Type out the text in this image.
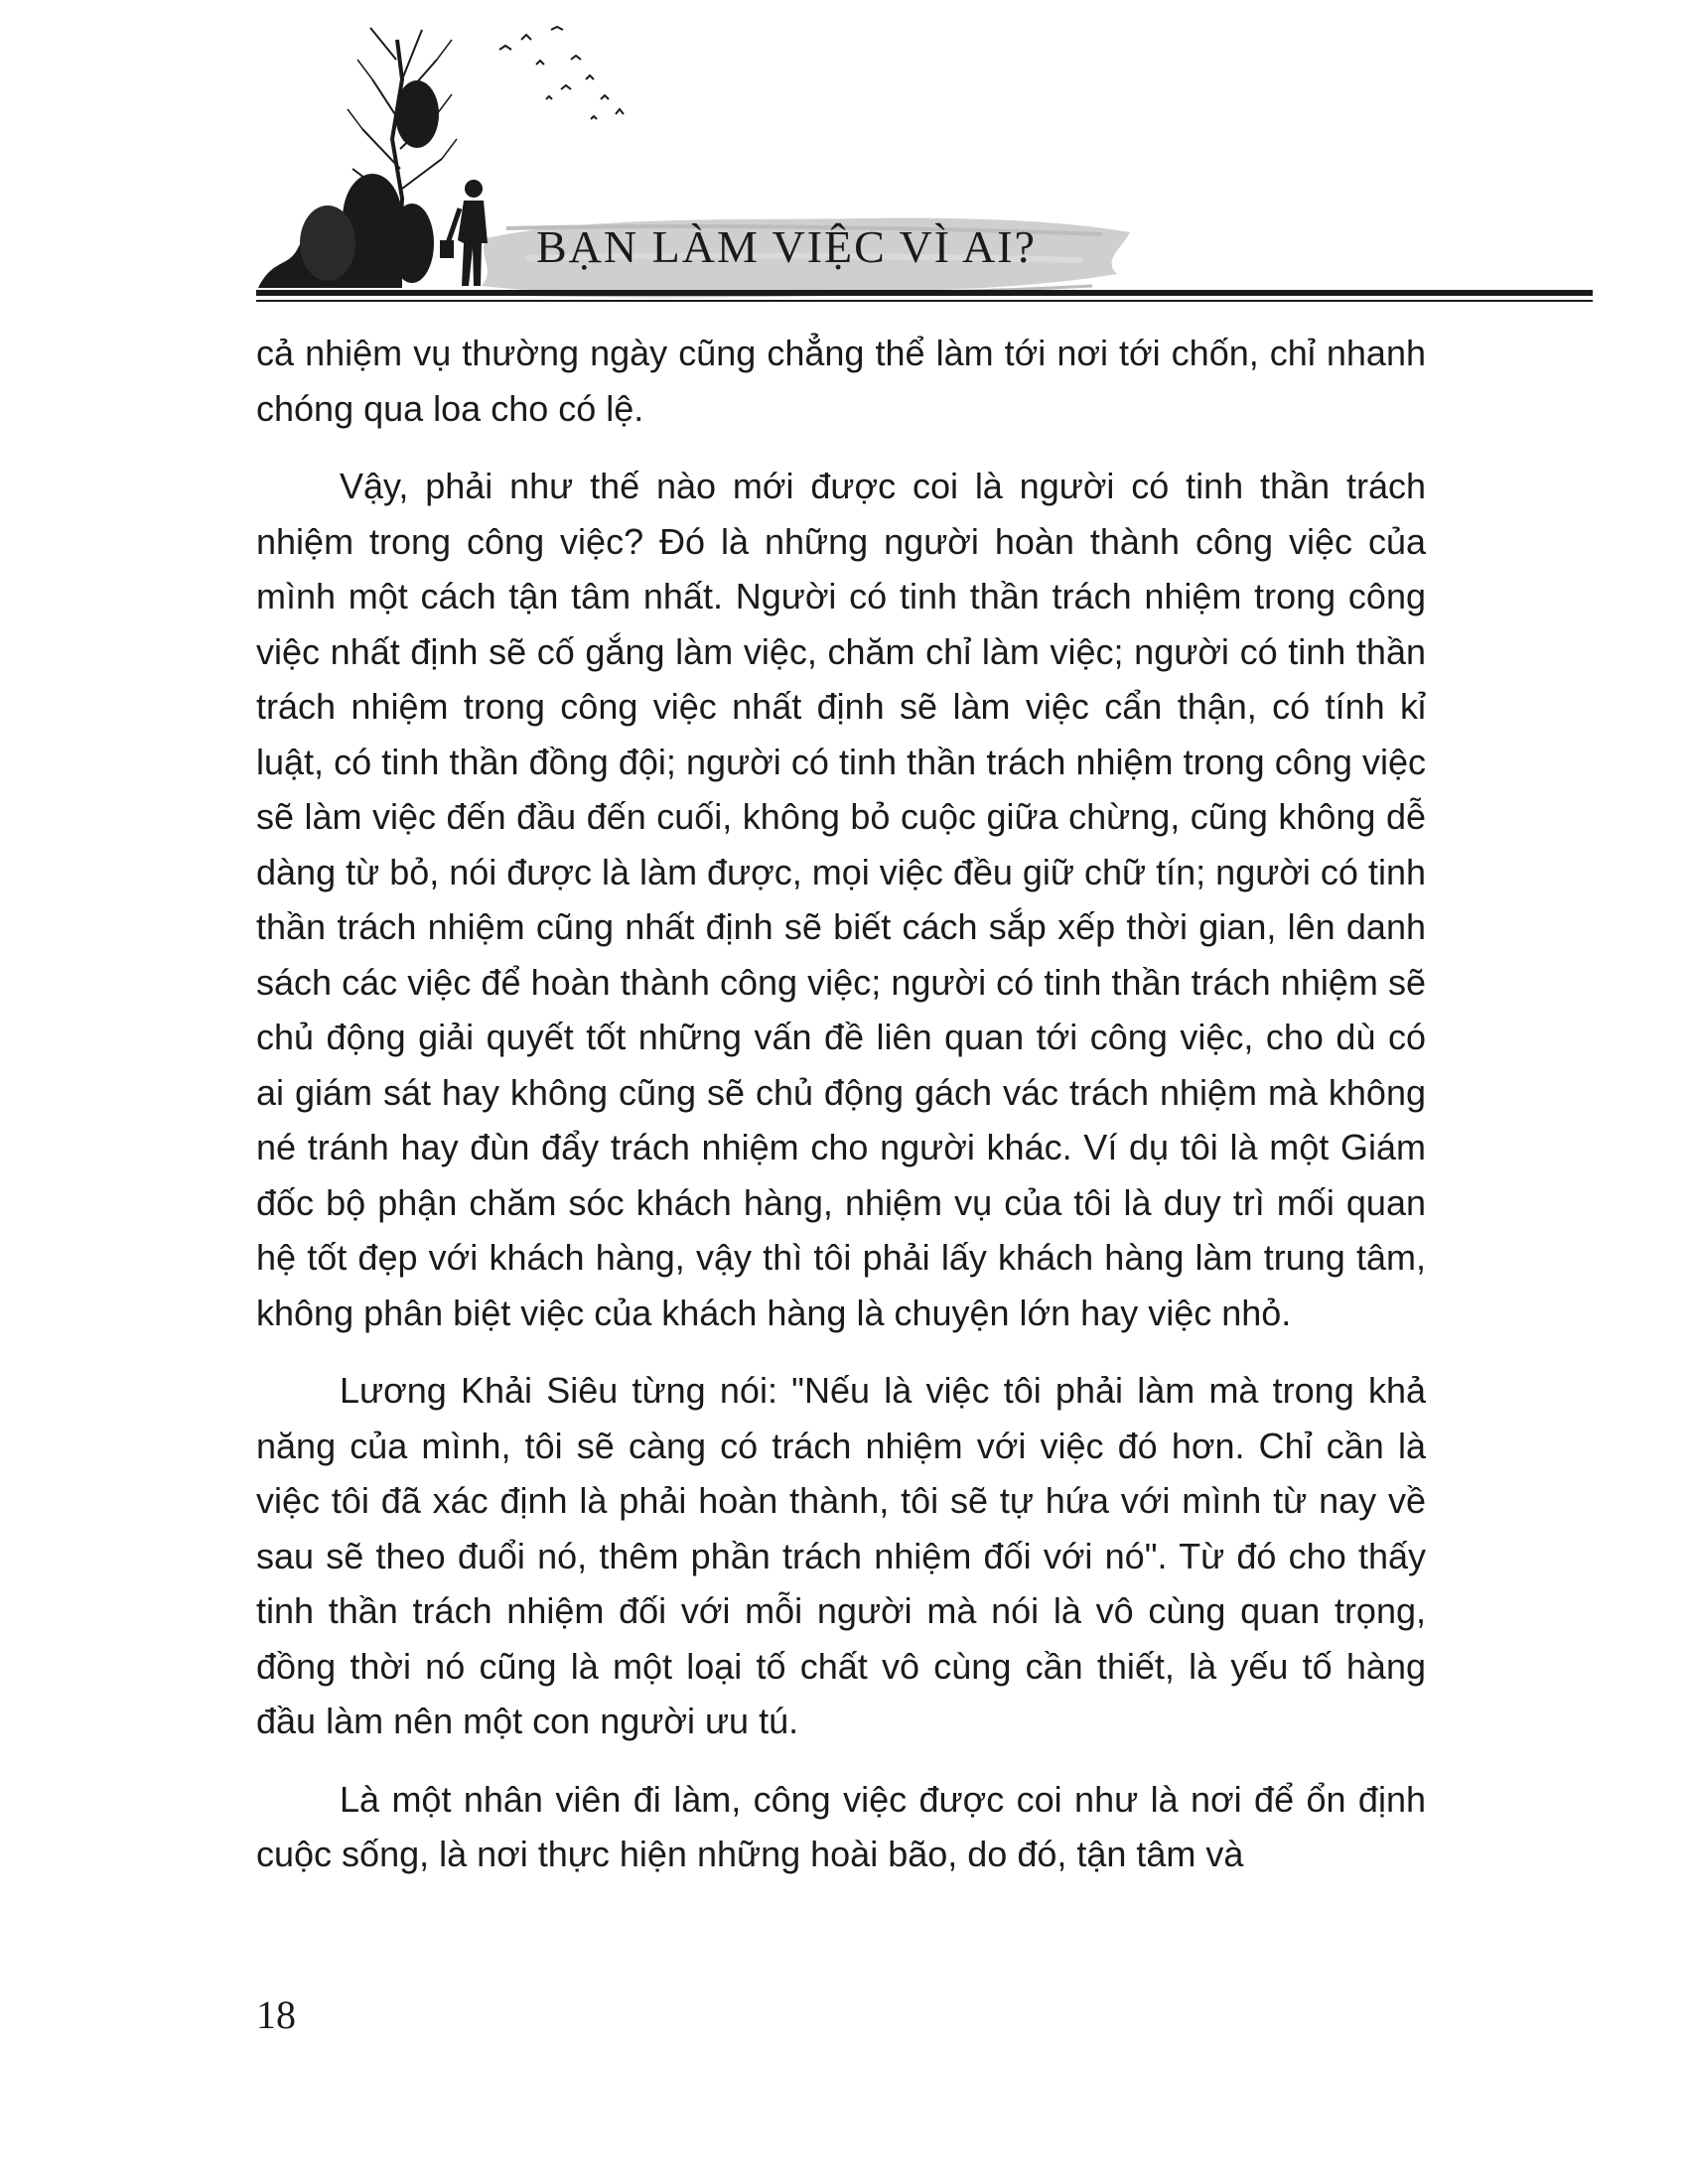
BẠN LÀM VIỆC VÌ AI?

cả nhiệm vụ thường ngày cũng chẳng thể làm tới nơi tới chốn, chỉ nhanh chóng qua loa cho có lệ.

Vậy, phải như thế nào mới được coi là người có tinh thần trách nhiệm trong công việc? Đó là những người hoàn thành công việc của mình một cách tận tâm nhất. Người có tinh thần trách nhiệm trong công việc nhất định sẽ cố gắng làm việc, chăm chỉ làm việc; người có tinh thần trách nhiệm trong công việc nhất định sẽ làm việc cẩn thận, có tính kỉ luật, có tinh thần đồng đội; người có tinh thần trách nhiệm trong công việc sẽ làm việc đến đầu đến cuối, không bỏ cuộc giữa chừng, cũng không dễ dàng từ bỏ, nói được là làm được, mọi việc đều giữ chữ tín; người có tinh thần trách nhiệm cũng nhất định sẽ biết cách sắp xếp thời gian, lên danh sách các việc để hoàn thành công việc; người có tinh thần trách nhiệm sẽ chủ động giải quyết tốt những vấn đề liên quan tới công việc, cho dù có ai giám sát hay không cũng sẽ chủ động gách vác trách nhiệm mà không né tránh hay đùn đẩy trách nhiệm cho người khác. Ví dụ tôi là một Giám đốc bộ phận chăm sóc khách hàng, nhiệm vụ của tôi là duy trì mối quan hệ tốt đẹp với khách hàng, vậy thì tôi phải lấy khách hàng làm trung tâm, không phân biệt việc của khách hàng là chuyện lớn hay việc nhỏ.

Lương Khải Siêu từng nói: "Nếu là việc tôi phải làm mà trong khả năng của mình, tôi sẽ càng có trách nhiệm với việc đó hơn. Chỉ cần là việc tôi đã xác định là phải hoàn thành, tôi sẽ tự hứa với mình từ nay về sau sẽ theo đuổi nó, thêm phần trách nhiệm đối với nó". Từ đó cho thấy tinh thần trách nhiệm đối với mỗi người mà nói là vô cùng quan trọng, đồng thời nó cũng là một loại tố chất vô cùng cần thiết, là yếu tố hàng đầu làm nên một con người ưu tú.

Là một nhân viên đi làm, công việc được coi như là nơi để ổn định cuộc sống, là nơi thực hiện những hoài bão, do đó, tận tâm và

18
